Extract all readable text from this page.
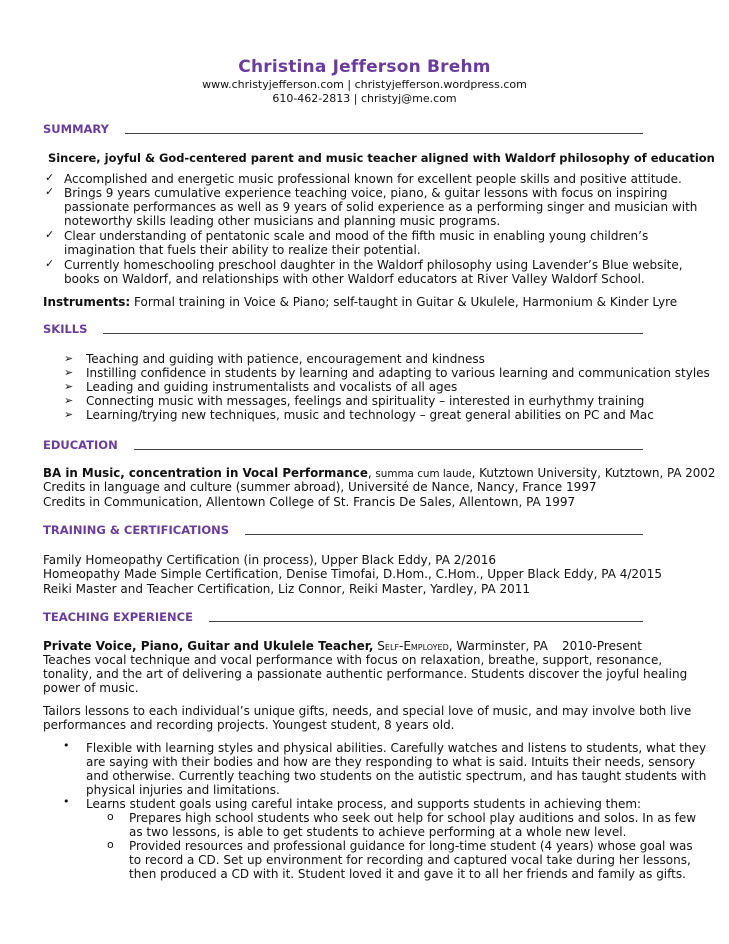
Christina Jefferson Brehm
www.christyjefferson.com | christyjefferson.wordpress.com
610-462-2813 | christyj@me.com
SUMMARY
Sincere, joyful & God-centered parent and music teacher aligned with Waldorf philosophy of education
✓ Accomplished and energetic music professional known for excellent people skills and positive attitude.
✓ Brings 9 years cumulative experience teaching voice, piano, & guitar lessons with focus on inspiring
passionate performances as well as 9 years of solid experience as a performing singer and musician with
noteworthy skills leading other musicians and planning music programs.
✓ Clear understanding of pentatonic scale and mood of the fifth music in enabling young children’s
imagination that fuels their ability to realize their potential.
✓ Currently homeschooling preschool daughter in the Waldorf philosophy using Lavender’s Blue website,
books on Waldorf, and relationships with other Waldorf educators at River Valley Waldorf School.
Instruments: Formal training in Voice & Piano; self-taught in Guitar & Ukulele, Harmonium & Kinder Lyre
SKILLS
➢ Teaching and guiding with patience, encouragement and kindness
➢ Instilling confidence in students by learning and adapting to various learning and communication styles
➢ Leading and guiding instrumentalists and vocalists of all ages
➢ Connecting music with messages, feelings and spirituality – interested in eurhythmy training
➢ Learning/trying new techniques, music and technology – great general abilities on PC and Mac
EDUCATION
BA in Music, concentration in Vocal Performance, summa cum laude, Kutztown University, Kutztown, PA 2002
Credits in language and culture (summer abroad), Université de Nance, Nancy, France 1997
Credits in Communication, Allentown College of St. Francis De Sales, Allentown, PA 1997
TRAINING & CERTIFICATIONS
Family Homeopathy Certification (in process), Upper Black Eddy, PA 2/2016
Homeopathy Made Simple Certification, Denise Timofai, D.Hom., C.Hom., Upper Black Eddy, PA 4/2015
Reiki Master and Teacher Certification, Liz Connor, Reiki Master, Yardley, PA 2011
TEACHING EXPERIENCE
Private Voice, Piano, Guitar and Ukulele Teacher, Self-Employed, Warminster, PA 2010-Present
Teaches vocal technique and vocal performance with focus on relaxation, breathe, support, resonance,
tonality, and the art of delivering a passionate authentic performance. Students discover the joyful healing
power of music.
Tailors lessons to each individual’s unique gifts, needs, and special love of music, and may involve both live
performances and recording projects. Youngest student, 8 years old.
• Flexible with learning styles and physical abilities. Carefully watches and listens to students, what they
are saying with their bodies and how are they responding to what is said. Intuits their needs, sensory
and otherwise. Currently teaching two students on the autistic spectrum, and has taught students with
physical injuries and limitations.
• Learns student goals using careful intake process, and supports students in achieving them:
o Prepares high school students who seek out help for school play auditions and solos. In as few
as two lessons, is able to get students to achieve performing at a whole new level.
o Provided resources and professional guidance for long-time student (4 years) whose goal was
to record a CD. Set up environment for recording and captured vocal take during her lessons,
then produced a CD with it. Student loved it and gave it to all her friends and family as gifts.
